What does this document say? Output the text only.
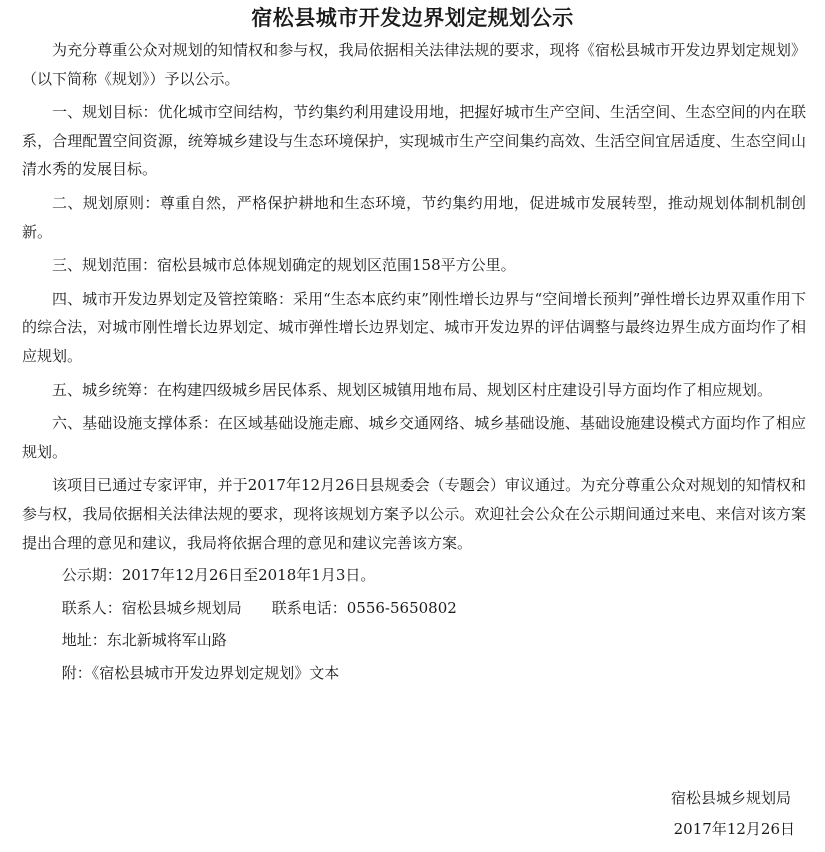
宿松县城市开发边界划定规划公示

为充分尊重公众对规划的知情权和参与权，我局依据相关法律法规的要求，现将《宿松县城市开发边界划定规划》（以下简称《规划》）予以公示。

一、规划目标：优化城市空间结构，节约集约利用建设用地，把握好城市生产空间、生活空间、生态空间的内在联系，合理配置空间资源，统筹城乡建设与生态环境保护，实现城市生产空间集约高效、生活空间宜居适度、生态空间山清水秀的发展目标。

二、规划原则：尊重自然，严格保护耕地和生态环境，节约集约用地，促进城市发展转型，推动规划体制机制创新。

三、规划范围：宿松县城市总体规划确定的规划区范围158平方公里。

四、城市开发边界划定及管控策略：采用“生态本底约束”刚性增长边界与“空间增长预判”弹性增长边界双重作用下的综合法，对城市刚性增长边界划定、城市弹性增长边界划定、城市开发边界的评估调整与最终边界生成方面均作了相应规划。

五、城乡统筹：在构建四级城乡居民体系、规划区城镇用地布局、规划区村庄建设引导方面均作了相应规划。

六、基础设施支撑体系：在区域基础设施走廊、城乡交通网络、城乡基础设施、基础设施建设模式方面均作了相应规划。

该项目已通过专家评审，并于2017年12月26日县规委会（专题会）审议通过。为充分尊重公众对规划的知情权和参与权，我局依据相关法律法规的要求，现将该规划方案予以公示。欢迎社会公众在公示期间通过来电、来信对该方案提出合理的意见和建议，我局将依据合理的意见和建议完善该方案。

公示期：2017年12月26日至2018年1月3日。

联系人：宿松县城乡规划局　　联系电话：0556-5650802

地址：东北新城将军山路

附：《宿松县城市开发边界划定规划》文本

宿松县城乡规划局
2017年12月26日
